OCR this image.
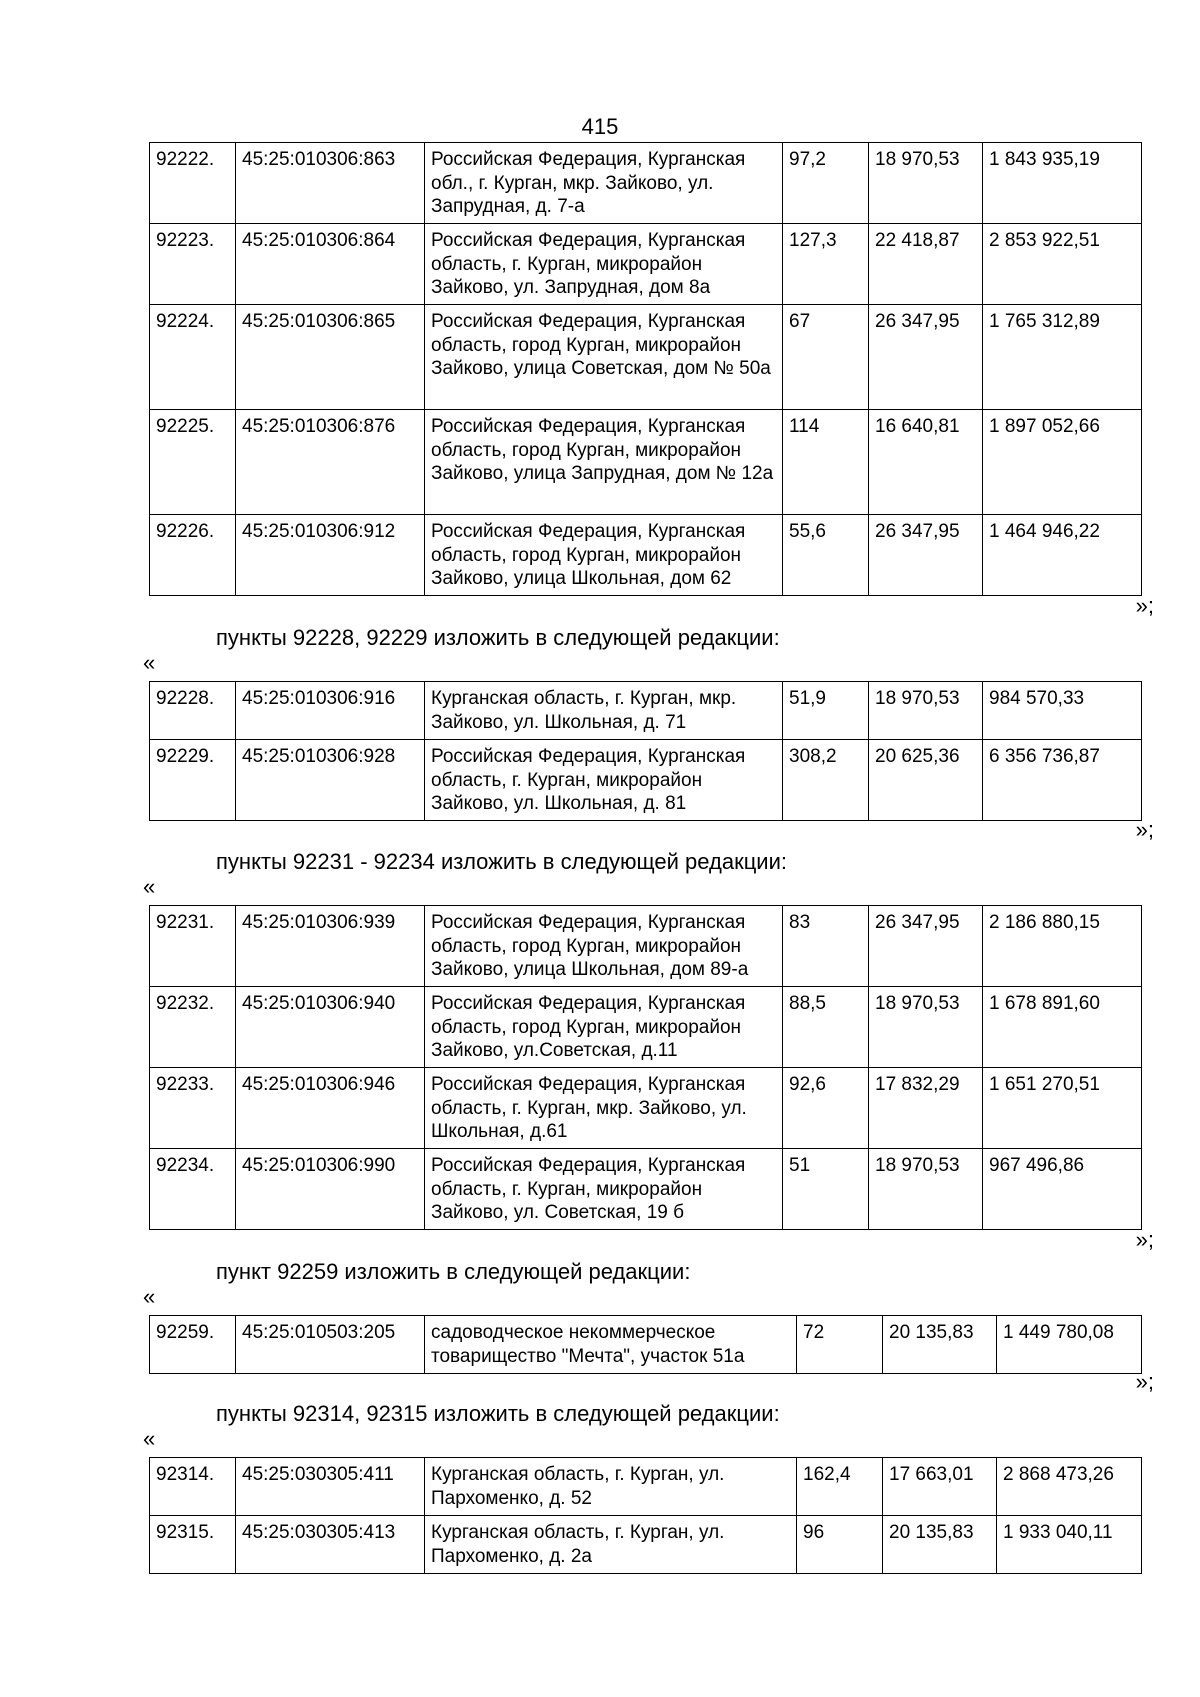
415
92222.	45:25:010306:863	Российская Федерация, Курганская обл., г. Курган, мкр. Зайково, ул. Запрудная, д. 7-а	97,2	18 970,53	1 843 935,19
92223.	45:25:010306:864	Российская Федерация, Курганская область, г. Курган, микрорайон Зайково, ул. Запрудная, дом 8а	127,3	22 418,87	2 853 922,51
92224.	45:25:010306:865	Российская Федерация, Курганская область, город Курган, микрорайон Зайково, улица Советская, дом № 50а	67	26 347,95	1 765 312,89
92225.	45:25:010306:876	Российская Федерация, Курганская область, город Курган, микрорайон Зайково, улица Запрудная, дом № 12а	114	16 640,81	1 897 052,66
92226.	45:25:010306:912	Российская Федерация, Курганская область, город Курган, микрорайон Зайково, улица Школьная, дом 62	55,6	26 347,95	1 464 946,22
»;
пункты 92228, 92229 изложить в следующей редакции:
«
92228.	45:25:010306:916	Курганская область, г. Курган, мкр. Зайково, ул. Школьная, д. 71	51,9	18 970,53	984 570,33
92229.	45:25:010306:928	Российская Федерация, Курганская область, г. Курган, микрорайон Зайково, ул. Школьная, д. 81	308,2	20 625,36	6 356 736,87
»;
пункты 92231 - 92234 изложить в следующей редакции:
«
92231.	45:25:010306:939	Российская Федерация, Курганская область, город Курган, микрорайон Зайково, улица Школьная, дом 89-а	83	26 347,95	2 186 880,15
92232.	45:25:010306:940	Российская Федерация, Курганская область, город Курган, микрорайон Зайково, ул.Советская, д.11	88,5	18 970,53	1 678 891,60
92233.	45:25:010306:946	Российская Федерация, Курганская область, г. Курган, мкр. Зайково, ул. Школьная, д.61	92,6	17 832,29	1 651 270,51
92234.	45:25:010306:990	Российская Федерация, Курганская область, г. Курган, микрорайон Зайково, ул. Советская, 19 б	51	18 970,53	967 496,86
»;
пункт 92259 изложить в следующей редакции:
«
92259.	45:25:010503:205	садоводческое некоммерческое товарищество "Мечта", участок 51а	72	20 135,83	1 449 780,08
»;
пункты 92314, 92315 изложить в следующей редакции:
«
92314.	45:25:030305:411	Курганская область, г. Курган, ул. Пархоменко, д. 52	162,4	17 663,01	2 868 473,26
92315.	45:25:030305:413	Курганская область, г. Курган, ул. Пархоменко, д. 2а	96	20 135,83	1 933 040,11
